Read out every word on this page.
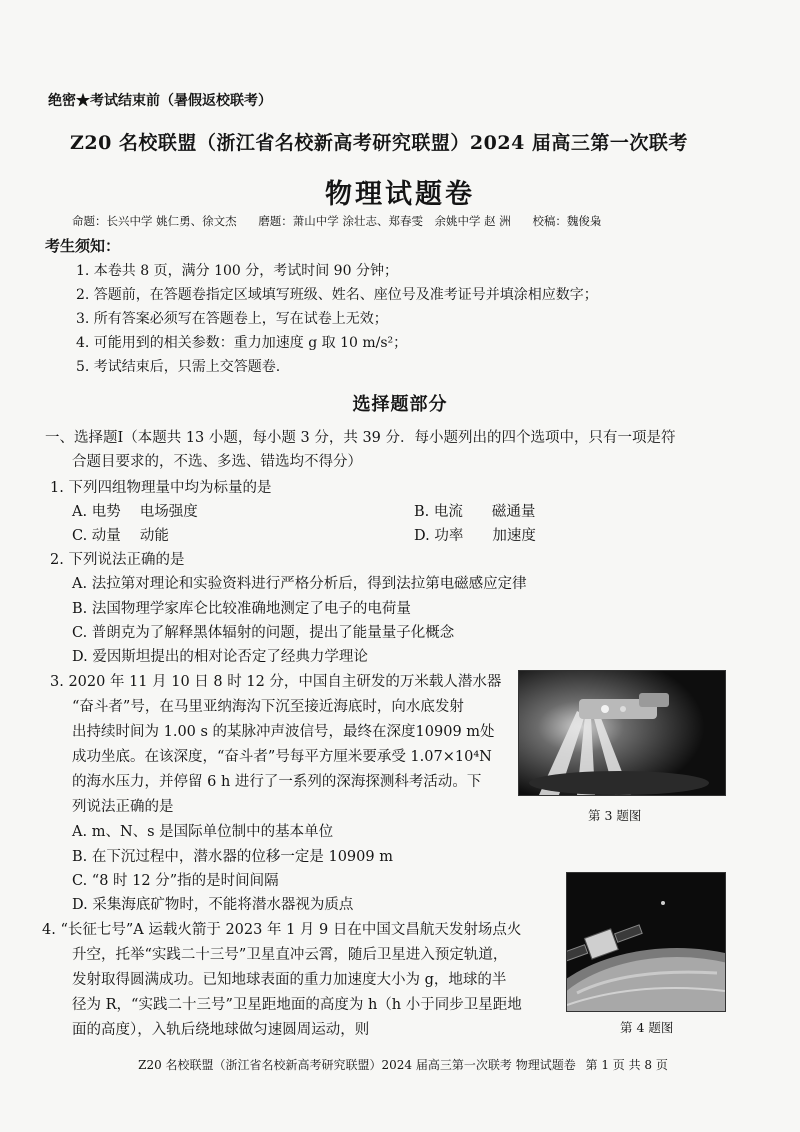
绝密★考试结束前（暑假返校联考）
Z20 名校联盟（浙江省名校新高考研究联盟）2024 届高三第一次联考
物理试题卷
命题：长兴中学 姚仁勇、徐文杰 磨题：萧山中学 涂壮志、郑春雯　余姚中学 赵 洲 校稿：魏俊枭
考生须知：
1. 本卷共 8 页，满分 100 分，考试时间 90 分钟；
2. 答题前，在答题卷指定区域填写班级、姓名、座位号及准考证号并填涂相应数字；
3. 所有答案必须写在答题卷上，写在试卷上无效；
4. 可能用到的相关参数：重力加速度 g 取 10 m/s²；
5. 考试结束后，只需上交答题卷.
选择题部分
一、选择题Ⅰ（本题共 13 小题，每小题 3 分，共 39 分．每小题列出的四个选项中，只有一项是符
合题目要求的，不选、多选、错选均不得分）
1. 下列四组物理量中均为标量的是
A. 电势　 电场强度	B. 电流　　磁通量
C. 动量　 动能	D. 功率　　加速度
2. 下列说法正确的是
A. 法拉第对理论和实验资料进行严格分析后，得到法拉第电磁感应定律
B. 法国物理学家库仑比较准确地测定了电子的电荷量
C. 普朗克为了解释黑体辐射的问题，提出了能量量子化概念
D. 爱因斯坦提出的相对论否定了经典力学理论
3. 2020 年 11 月 10 日 8 时 12 分，中国自主研发的万米载人潜水器
“奋斗者”号，在马里亚纳海沟下沉至接近海底时，向水底发射
出持续时间为 1.00 s 的某脉冲声波信号，最终在深度10909 m处
成功坐底。在该深度，“奋斗者”号每平方厘米要承受 1.07×10⁴N
的海水压力，并停留 6 h 进行了一系列的深海探测科考活动。下
列说法正确的是
A. m、N、s 是国际单位制中的基本单位
B. 在下沉过程中，潜水器的位移一定是 10909 m
C. “8 时 12 分”指的是时间间隔
D. 采集海底矿物时，不能将潜水器视为质点
第 3 题图
4. “长征七号”A 运载火箭于 2023 年 1 月 9 日在中国文昌航天发射场点火
升空，托举“实践二十三号”卫星直冲云霄，随后卫星进入预定轨道，
发射取得圆满成功。已知地球表面的重力加速度大小为 g，地球的半
径为 R，“实践二十三号”卫星距地面的高度为 h（h 小于同步卫星距地
面的高度），入轨后绕地球做匀速圆周运动，则	第 4 题图
Z20 名校联盟（浙江省名校新高考研究联盟）2024 届高三第一次联考 物理试题卷 第 1 页 共 8 页
